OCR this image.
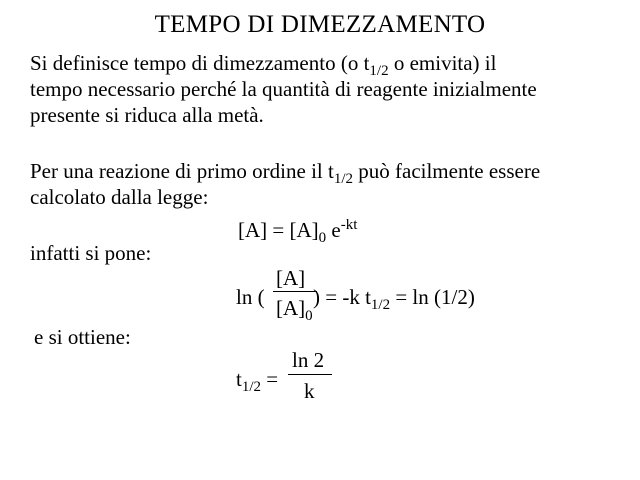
TEMPO DI DIMEZZAMENTO
Si definisce tempo di dimezzamento (o $t_{1/2}$ o emivita) il
tempo necessario perché la quantità di reagente inizialmente
presente si riduca alla metà.
Per una reazione di primo ordine il $t_{1/2}$ può facilmente essere
calcolato dalla legge:
$[A] = [A]_0$ $e^{-kt}$
infatti si pone:
ln (
[A]
$[A]_0$
) = -k $t_{1/2} = \ln (1/2)$
e si ottiene:
$t_{1/2}$ =
ln 2
k
